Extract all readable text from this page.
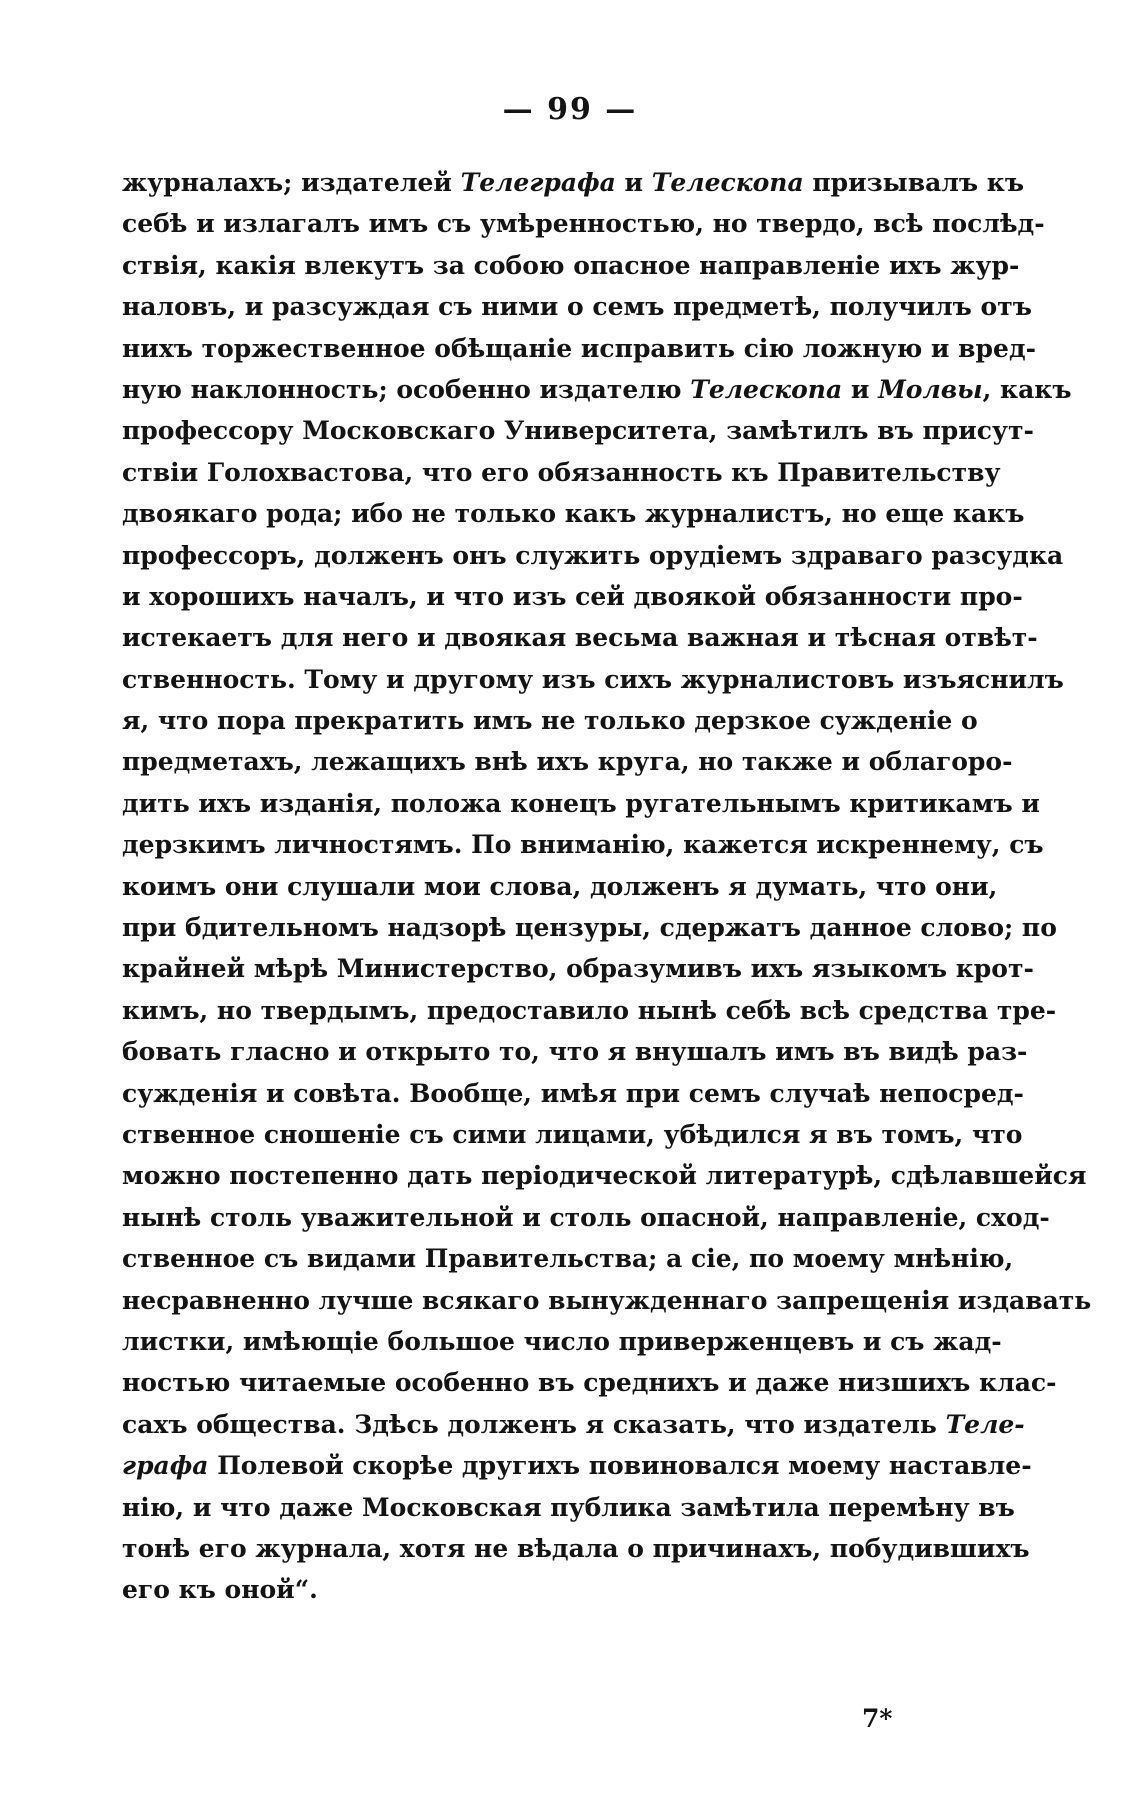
— 99 —
журналахъ; издателей Телеграфа и Телескопа призывалъ къ
себѣ и излагалъ имъ съ умѣренностью, но твердо, всѣ послѣд-
ствія, какія влекутъ за собою опасное направленіе ихъ жур-
наловъ, и разсуждая съ ними о семъ предметѣ, получилъ отъ
нихъ торжественное обѣщаніе исправить сію ложную и вред-
ную наклонность; особенно издателю Телескопа и Молвы, какъ
профессору Московскаго Университета, замѣтилъ въ присут-
ствіи Голохвастова, что его обязанность къ Правительству
двоякаго рода; ибо не только какъ журналистъ, но еще какъ
профессоръ, долженъ онъ служить орудіемъ здраваго разсудка
и хорошихъ началъ, и что изъ сей двоякой обязанности про-
истекаетъ для него и двоякая весьма важная и тѣсная отвѣт-
ственность. Тому и другому изъ сихъ журналистовъ изъяснилъ
я, что пора прекратить имъ не только дерзкое сужденіе о
предметахъ, лежащихъ внѣ ихъ круга, но также и облагоро-
дить ихъ изданія, положа конецъ ругательнымъ критикамъ и
дерзкимъ личностямъ. По вниманію, кажется искреннему, съ
коимъ они слушали мои слова, долженъ я думать, что они,
при бдительномъ надзорѣ цензуры, сдержатъ данное слово; по
крайней мѣрѣ Министерство, образумивъ ихъ языкомъ крот-
кимъ, но твердымъ, предоставило нынѣ себѣ всѣ средства тре-
бовать гласно и открыто то, что я внушалъ имъ въ видѣ раз-
сужденія и совѣта. Вообще, имѣя при семъ случаѣ непосред-
ственное сношеніе съ сими лицами, убѣдился я въ томъ, что
можно постепенно дать періодической литературѣ, сдѣлавшейся
нынѣ столь уважительной и столь опасной, направленіе, сход-
ственное съ видами Правительства; а сіе, по моему мнѣнію,
несравненно лучше всякаго вынужденнаго запрещенія издавать
листки, имѣющіе большое число приверженцевъ и съ жад-
ностью читаемые особенно въ среднихъ и даже низшихъ клас-
сахъ общества. Здѣсь долженъ я сказать, что издатель Теле-
графа Полевой скорѣе другихъ повиновался моему наставле-
нію, и что даже Московская публика замѣтила перемѣну въ
тонѣ его журнала, хотя не вѣдала о причинахъ, побудившихъ
его къ оной“.
7*
